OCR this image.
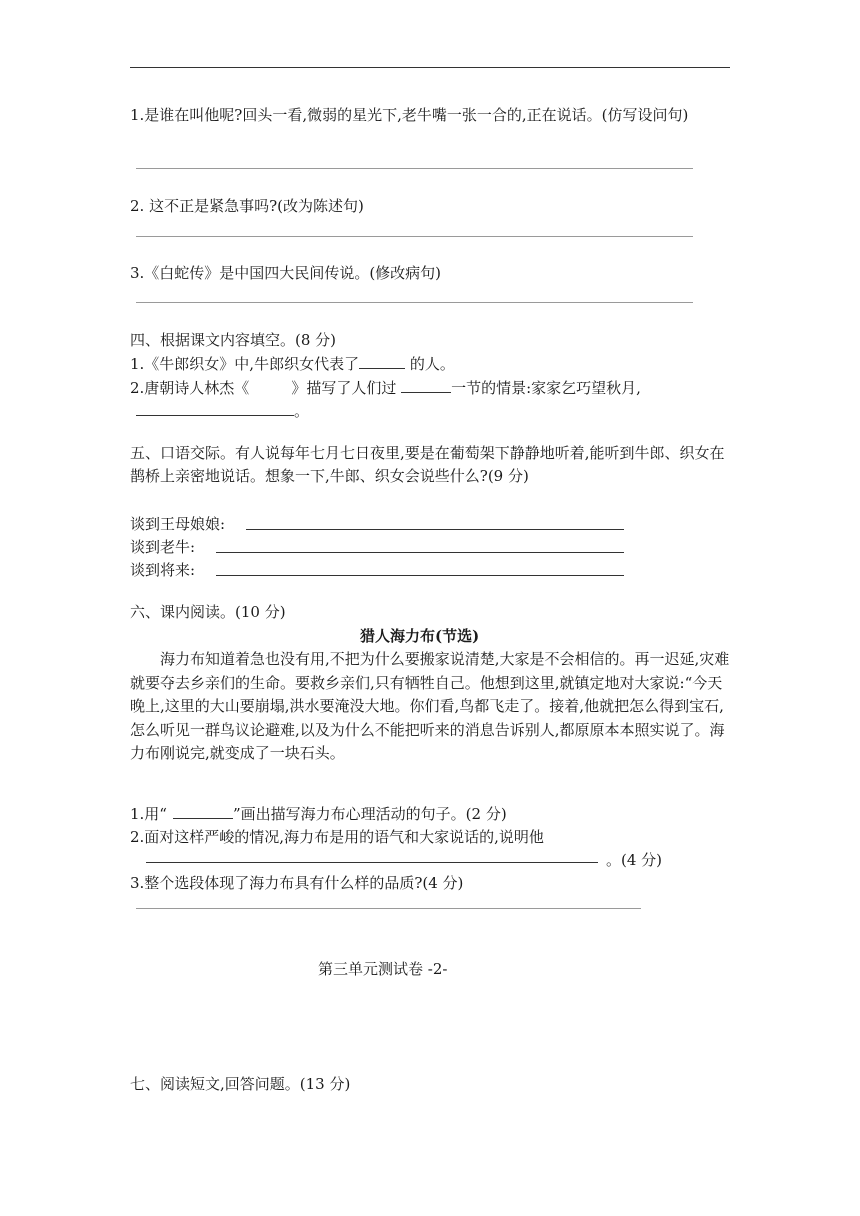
1.是谁在叫他呢?回头一看,微弱的星光下,老牛嘴一张一合的,正在说话。(仿写设问句)
2. 这不正是紧急事吗?(改为陈述句)
3.《白蛇传》是中国四大民间传说。(修改病句)
四、根据课文内容填空。(8 分)
1.《牛郎织女》中,牛郎织女代表了	的人。
2.唐朝诗人林杰《	》描写了人们过	一节的情景:家家乞巧望秋月,
。
五、口语交际。有人说每年七月七日夜里,要是在葡萄架下静静地听着,能听到牛郎、织女在鹊桥上亲密地说话。想象一下,牛郎、织女会说些什么?(9 分)
谈到王母娘娘:
谈到老牛:
谈到将来:
六、课内阅读。(10 分)
猎人海力布(节选)
海力布知道着急也没有用,不把为什么要搬家说清楚,大家是不会相信的。再一迟延,灾难就要夺去乡亲们的生命。要救乡亲们,只有牺牲自己。他想到这里,就镇定地对大家说:“今天晚上,这里的大山要崩塌,洪水要淹没大地。你们看,鸟都飞走了。接着,他就把怎么得到宝石,怎么听见一群鸟议论避难,以及为什么不能把听来的消息告诉别人,都原原本本照实说了。海力布刚说完,就变成了一块石头。
1.用“	”画出描写海力布心理活动的句子。(2 分)
2.面对这样严峻的情况,海力布是用的语气和大家说话的,说明他
。(4 分)
3.整个选段体现了海力布具有什么样的品质?(4 分)
第三单元测试卷 -2-
七、阅读短文,回答问题。(13 分)
